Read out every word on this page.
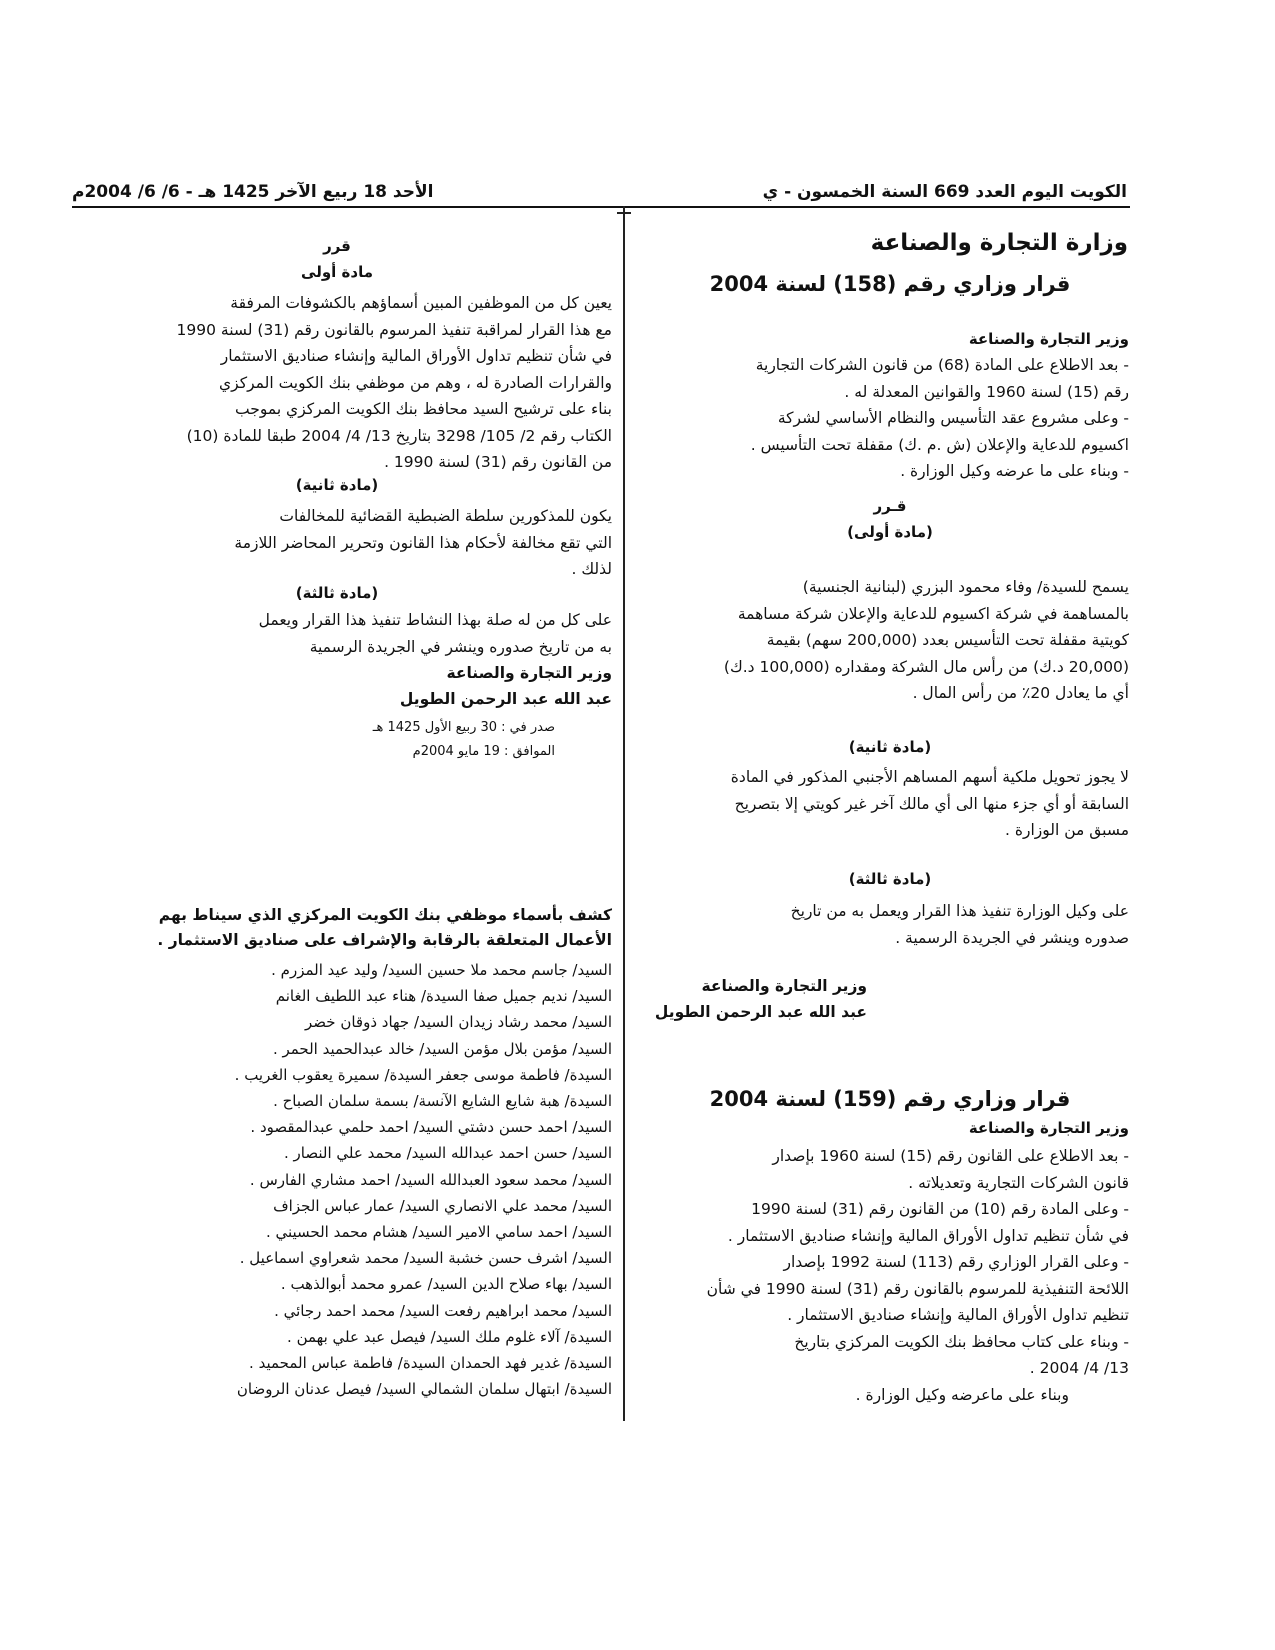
الكويت اليوم العدد 669 السنة الخمسون - ي
الأحد 18 ربيع الآخر 1425 هـ - 6/ 6/ 2004م
وزارة التجارة والصناعة
قرار وزاري رقم (158) لسنة 2004
وزير التجارة والصناعة
- بعد الاطلاع على المادة (68) من قانون الشركات التجارية
رقم (15) لسنة 1960 والقوانين المعدلة له .
- وعلى مشروع عقد التأسيس والنظام الأساسي لشركة
اكسيوم للدعاية والإعلان (ش .م .ك) مقفلة تحت التأسيس .
- وبناء على ما عرضه وكيل الوزارة .
قـرر
(مادة أولى)
يسمح للسيدة/ وفاء محمود البزري (لبنانية الجنسية)
بالمساهمة في شركة اكسيوم للدعاية والإعلان شركة مساهمة
كويتية مقفلة تحت التأسيس بعدد (200,000 سهم) بقيمة
(20,000 د.ك) من رأس مال الشركة ومقداره (100,000 د.ك)
أي ما يعادل 20٪ من رأس المال .
(مادة ثانية)
لا يجوز تحويل ملكية أسهم المساهم الأجنبي المذكور في المادة
السابقة أو أي جزء منها الى أي مالك آخر غير كويتي إلا بتصريح
مسبق من الوزارة .
(مادة ثالثة)
على وكيل الوزارة تنفيذ هذا القرار ويعمل به من تاريخ
صدوره وينشر في الجريدة الرسمية .
وزير التجارة والصناعة
عبد الله عبد الرحمن الطويل
قرار وزاري رقم (159) لسنة 2004
وزير التجارة والصناعة
- بعد الاطلاع على القانون رقم (15) لسنة 1960 بإصدار
قانون الشركات التجارية وتعديلاته .
- وعلى المادة رقم (10) من القانون رقم (31) لسنة 1990
في شأن تنظيم تداول الأوراق المالية وإنشاء صناديق الاستثمار .
- وعلى القرار الوزاري رقم (113) لسنة 1992 بإصدار
اللائحة التنفيذية للمرسوم بالقانون رقم (31) لسنة 1990 في شأن
تنظيم تداول الأوراق المالية وإنشاء صناديق الاستثمار .
- وبناء على كتاب محافظ بنك الكويت المركزي بتاريخ
13/ 4/ 2004 .
وبناء على ماعرضه وكيل الوزارة .
قرر
مادة أولى
يعين كل من الموظفين المبين أسماؤهم بالكشوفات المرفقة
مع هذا القرار لمراقبة تنفيذ المرسوم بالقانون رقم (31) لسنة 1990
في شأن تنظيم تداول الأوراق المالية وإنشاء صناديق الاستثمار
والقرارات الصادرة له ، وهم من موظفي بنك الكويت المركزي
بناء على ترشيح السيد محافظ بنك الكويت المركزي بموجب
الكتاب رقم 2/ 105/ 3298 بتاريخ 13/ 4/ 2004 طبقا للمادة (10)
من القانون رقم (31) لسنة 1990 .
(مادة ثانية)
يكون للمذكورين سلطة الضبطية القضائية للمخالفات
التي تقع مخالفة لأحكام هذا القانون وتحرير المحاضر اللازمة
لذلك .
(مادة ثالثة)
على كل من له صلة بهذا النشاط تنفيذ هذا القرار ويعمل
به من تاريخ صدوره وينشر في الجريدة الرسمية
وزير التجارة والصناعة
عبد الله عبد الرحمن الطويل
صدر في : 30 ربيع الأول 1425 هـ
الموافق : 19 مايو 2004م
كشف بأسماء موظفي بنك الكويت المركزي الذي سيناط بهم
الأعمال المتعلقة بالرقابة والإشراف على صناديق الاستثمار .
السيد/ جاسم محمد ملا حسين السيد/ وليد عيد المزرم .
السيد/ نديم جميل صفا السيدة/ هناء عبد اللطيف الغانم
السيد/ محمد رشاد زيدان السيد/ جهاد ذوقان خضر
السيد/ مؤمن بلال مؤمن السيد/ خالد عبدالحميد الحمر .
السيدة/ فاطمة موسى جعفر السيدة/ سميرة يعقوب الغريب .
السيدة/ هبة شايع الشايع الآنسة/ بسمة سلمان الصباح .
السيد/ احمد حسن دشتي السيد/ احمد حلمي عبدالمقصود .
السيد/ حسن احمد عبدالله السيد/ محمد علي النصار .
السيد/ محمد سعود العبدالله السيد/ احمد مشاري الفارس .
السيد/ محمد علي الانصاري السيد/ عمار عباس الجزاف
السيد/ احمد سامي الامير السيد/ هشام محمد الحسيني .
السيد/ اشرف حسن خشبة السيد/ محمد شعراوي اسماعيل .
السيد/ بهاء صلاح الدين السيد/ عمرو محمد أبوالذهب .
السيد/ محمد ابراهيم رفعت السيد/ محمد احمد رجائي .
السيدة/ آلاء غلوم ملك السيد/ فيصل عبد علي بهمن .
السيدة/ غدير فهد الحمدان السيدة/ فاطمة عباس المحميد .
السيدة/ ابتهال سلمان الشمالي السيد/ فيصل عدنان الروضان
